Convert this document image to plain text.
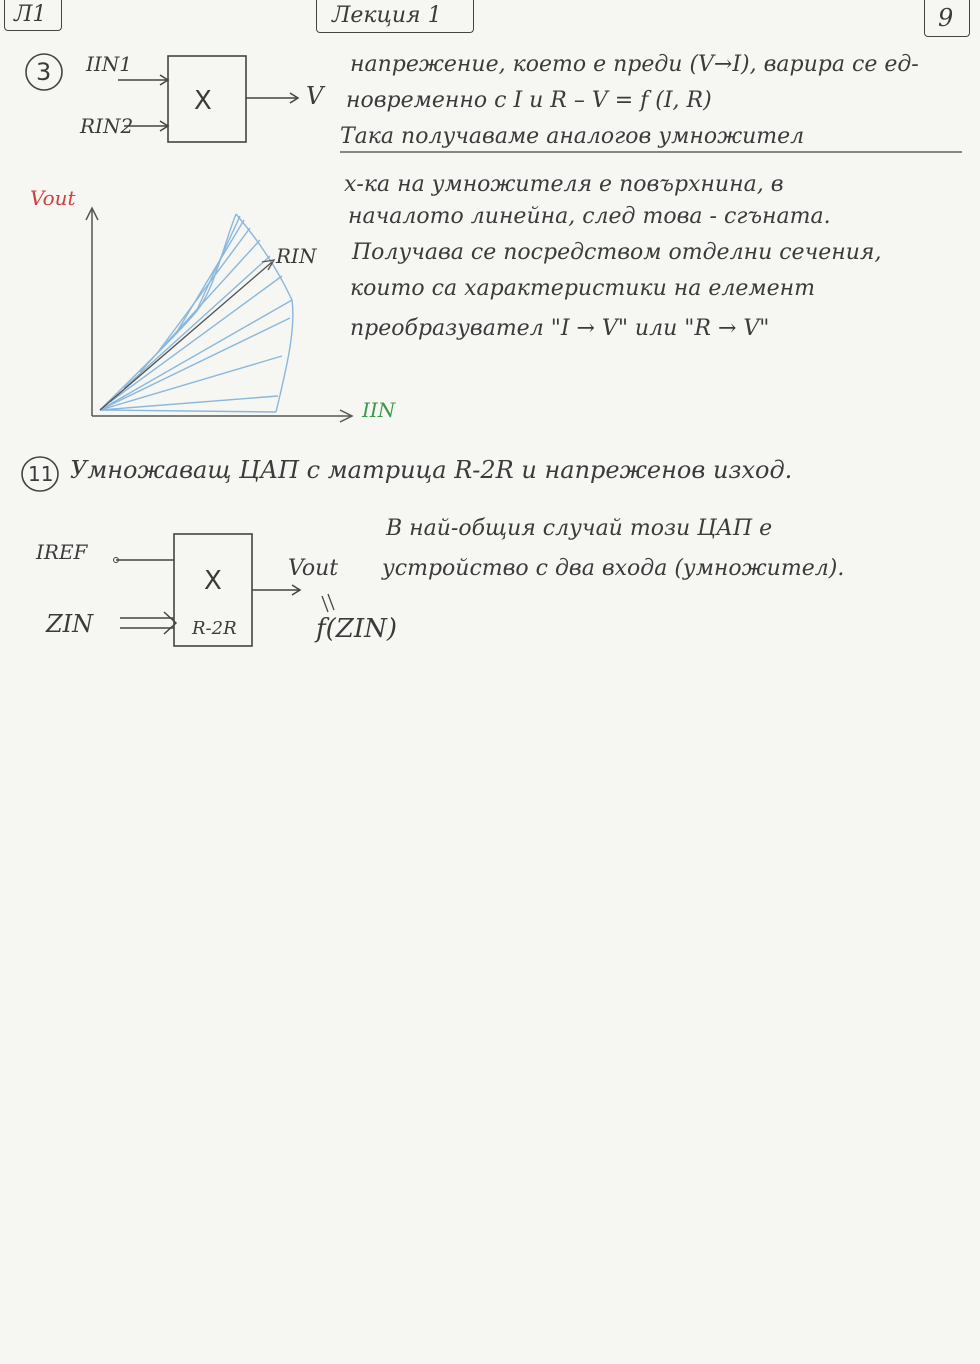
Л1	Лекция 1	9
3 IIN1
RIN2
X	V
напрежение, което е преди (V→I), варира се ед-
новременно с I и R – V = f (I, R)
Така получаваме аналогов умножител
Vout
IIN
RIN
х-ка на умножителя е повърхнина, в
началото линейна, след това - сгъната.
Получава се посредством отделни сечения,
които са характеристики на елемент
преобразувател "I → V" или "R → V"
11 Умножаващ ЦАП с матрица R-2R и напреженов изход.
IREF
ZIN
X
R-2R
Vout
f(ZIN)
В най-общия случай този ЦАП е
устройство с два входа (умножител).
